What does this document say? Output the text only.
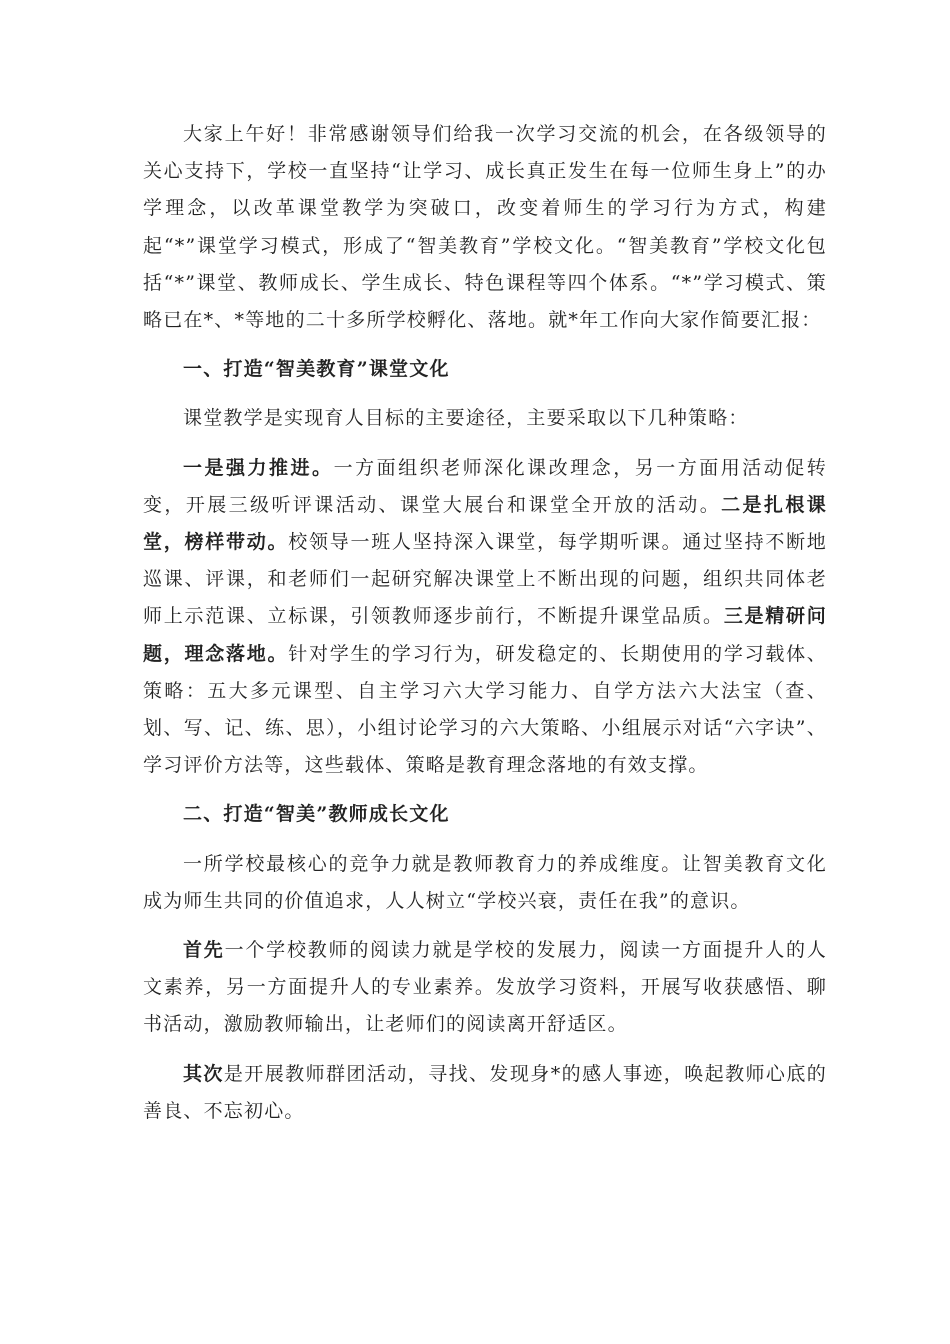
大家上午好！非常感谢领导们给我一次学习交流的机会，在各级领导的关心支持下，学校一直坚持“让学习、成长真正发生在每一位师生身上”的办学理念，以改革课堂教学为突破口，改变着师生的学习行为方式，构建起“*”课堂学习模式，形成了“智美教育”学校文化。“智美教育”学校文化包括“*”课堂、教师成长、学生成长、特色课程等四个体系。“*”学习模式、策略已在*、*等地的二十多所学校孵化、落地。就*年工作向大家作简要汇报：

一、打造“智美教育”课堂文化

课堂教学是实现育人目标的主要途径，主要采取以下几种策略：

一是强力推进。一方面组织老师深化课改理念，另一方面用活动促转变，开展三级听评课活动、课堂大展台和课堂全开放的活动。二是扎根课堂，榜样带动。校领导一班人坚持深入课堂，每学期听课。通过坚持不断地巡课、评课，和老师们一起研究解决课堂上不断出现的问题，组织共同体老师上示范课、立标课，引领教师逐步前行，不断提升课堂品质。三是精研问题，理念落地。针对学生的学习行为，研发稳定的、长期使用的学习载体、策略：五大多元课型、自主学习六大学习能力、自学方法六大法宝（查、划、写、记、练、思），小组讨论学习的六大策略、小组展示对话“六字诀”、学习评价方法等，这些载体、策略是教育理念落地的有效支撑。

二、打造“智美”教师成长文化

一所学校最核心的竞争力就是教师教育力的养成维度。让智美教育文化成为师生共同的价值追求，人人树立“学校兴衰，责任在我”的意识。

首先一个学校教师的阅读力就是学校的发展力，阅读一方面提升人的人文素养，另一方面提升人的专业素养。发放学习资料，开展写收获感悟、聊书活动，激励教师输出，让老师们的阅读离开舒适区。

其次是开展教师群团活动，寻找、发现身*的感人事迹，唤起教师心底的善良、不忘初心。
